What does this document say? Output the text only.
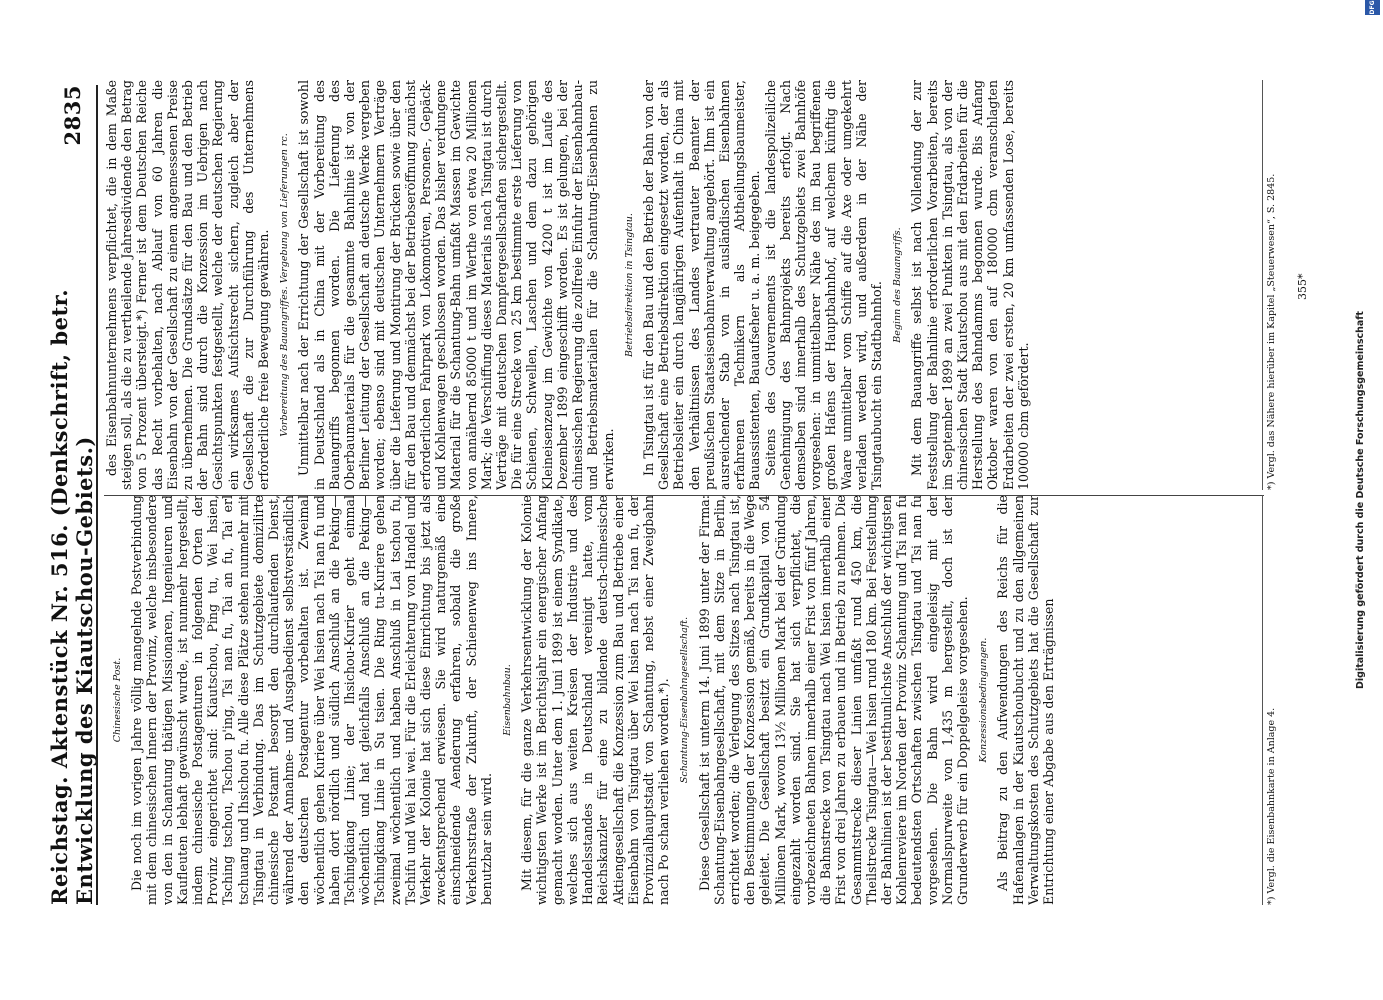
Reichstag. Aktenstück Nr. 516. (Denkschrift, betr. Entwicklung des Kiautschou-Gebiets.)
2835
Chinesische Post. Die noch im vorigen Jahre völlig mangelnde Postverbindung mit dem chinesischen Innern der Provinz, welche insbesondere von den in Schantung thätigen Missionaren, Ingenieuren und Kaufleuten lebhaft gewünscht wurde, ist nunmehr hergestellt, indem chinesische Postagenturen in folgenden Orten der Provinz eingerichtet sind: Kiautschou, Ping tu, Wei hsien, Tsching tschou, Tschou p'ing, Tsi nan fu, Tai an fu, Tai erl tschuang und Ihsichou fu. Alle diese Plätze stehen nunmehr mit Tsingtau in Verbindung. Das im Schutzgebiete domizilirte chinesische Postamt besorgt den durchlaufenden Dienst, während der Annahme- und Ausgabedienst selbstverständlich den deutschen Postagentur vorbehalten ist. Zweimal wöchentlich gehen Kuriere über Wei hsien nach Tsi nan fu und haben dort nördlich und südlich Anschluß an die Peking—Tschingkiang Linie; der Ihsichou-Kurier geht einmal wöchentlich und hat gleichfalls Anschluß an die Peking—Tschingkiang Linie in Su tsien. Die Ring tu-Kuriere gehen zweimal wöchentlich und haben Anschluß in Lai tschou fu, Tschifu und Wei hai wei. Für die Erleichterung von Handel und Verkehr der Kolonie hat sich diese Einrichtung bis jetzt als zweckentsprechend erwiesen. Sie wird naturgemäß eine einschneidende Aenderung erfahren, sobald die große Verkehrsstraße der Zukunft, der Schienenweg ins Innere, benutzbar sein wird.

Eisenbahnbau. Mit diesem, für die ganze Verkehrsentwicklung der Kolonie wichtigsten Werke ist im Berichtsjahr ein energischer Anfang gemacht worden. Unter dem 1. Juni 1899 ist einem Syndikate, welches sich aus weiten Kreisen der Industrie und des Handelsstandes in Deutschland vereinigt hatte, vom Reichskanzler für eine zu bildende deutsch-chinesische Aktiengesellschaft die Konzession zum Bau und Betriebe einer Eisenbahn von Tsingtau über Wei hsien nach Tsi nan fu, der Provinzialhauptstadt von Schantung, nebst einer Zweigbahn nach Po schan verliehen worden.*). Schantung-Eisenbahngesellschaft. Diese Gesellschaft ist unterm 14. Juni 1899 unter der Firma: Schantung-Eisenbahngesellschaft, mit dem Sitze in Berlin, errichtet worden; die Verlegung des Sitzes nach Tsingtau ist, den Bestimmungen der Konzession gemäß, bereits in die Wege geleitet. Die Gesellschaft besitzt ein Grundkapital von 54 Millionen Mark, wovon 13½ Millionen Mark bei der Gründung eingezahlt worden sind. Sie hat sich verpflichtet, die vorbezeichneten Bahnen innerhalb einer Frist von fünf Jahren, die Bahnstrecke von Tsingtau nach Wei hsien innerhalb einer Frist von drei Jahren zu erbauen und in Betrieb zu nehmen. Die Gesammtstrecke dieser Linien umfaßt rund 450 km, die Theilstrecke Tsingtau—Wei hsien rund 180 km. Bei Feststellung der Bahnlinien ist der bestthunlichste Anschluß der wichtigsten Kohlenreviere im Norden der Provinz Schantung und Tsi nan fu bedeutendsten Ortschaften zwischen Tsingtau und Tsi nan fu vorgesehen. Die Bahn wird eingeleisig mit der Normalspurweite von 1,435 m hergestellt, doch ist der Grunderwerb für ein Doppelgeleise vorgesehen. Konzessionsbedingungen. Als Beitrag zu den Aufwendungen des Reichs für die Hafenanlagen in der Kiautschoubucht und zu den allgemeinen Verwaltungskosten des Schutzgebiets hat die Gesellschaft zur Entrichtung einer Abgabe aus den Erträgnissen

des Eisenbahnunternehmens verpflichtet, die in dem Maße steigen soll, als die zu vertheilende Jahresdividende den Betrag von 5 Prozent übersteigt.*) Ferner ist dem Deutschen Reiche das Recht vorbehalten, nach Ablauf von 60 Jahren die Eisenbahn von der Gesellschaft zu einem angemessenen Preise zu übernehmen. Die Grundsätze für den Bau und den Betrieb der Bahn sind durch die Konzession im Uebrigen nach Gesichtspunkten festgestellt, welche der deutschen Regierung ein wirksames Aufsichtsrecht sichern, zugleich aber der Gesellschaft die zur Durchführung des Unternehmens erforderliche freie Bewegung gewähren. Vorbereitung des Bauangriffes. Vergebung von Lieferungen rc. Unmittelbar nach der Errichtung der Gesellschaft ist sowohl in Deutschland als in China mit der Vorbereitung des Bauangriffs begonnen worden. Die Lieferung des Oberbaumaterials für die gesammte Bahnlinie ist von der Berliner Leitung der Gesellschaft an deutsche Werke vergeben worden; ebenso sind mit deutschen Unternehmern Verträge über die Lieferung und Montirung der Brücken sowie über den für den Bau und demnächst bei der Betriebseröffnung zunächst erforderlichen Fahrpark von Lokomotiven, Personen-, Gepäck- und Kohlenwagen geschlossen worden. Das bisher verdungene Material für die Schantung-Bahn umfaßt Massen im Gewichte von annähernd 85000 t und im Werthe von etwa 20 Millionen Mark; die Verschiffung dieses Materials nach Tsingtau ist durch Verträge mit deutschen Dampfergesellschaften sichergestellt. Die für eine Strecke von 25 km bestimmte erste Lieferung von Schienen, Schwellen, Laschen und dem dazu gehörigen Kleineisenzeug im Gewichte von 4200 t ist im Laufe des Dezember 1899 eingeschifft worden. Es ist gelungen, bei der chinesischen Regierung die zollfreie Einfuhr der Eisenbahnbau- und Betriebsmaterialien für die Schantung-Eisenbahnen zu erwirken.

Betriebsdirektion in Tsingtau. In Tsingtau ist für den Bau und den Betrieb der Bahn von der Gesellschaft eine Betriebsdirektion eingesetzt worden, der als Betriebsleiter ein durch langjährigen Aufenthalt in China mit den Verhältnissen des Landes vertrauter Beamter der preußischen Staatseisenbahnverwaltung angehört. Ihm ist ein ausreichender Stab von in ausländischen Eisenbahnen erfahrenen Technikern als Abtheilungsbaumeister, Bauassistenten, Bauaufseher u. a. m. beigegeben. Seitens des Gouvernements ist die landespolizeiliche Genehmigung des Bahnprojekts bereits erfolgt. Nach demselben sind innerhalb des Schutzgebiets zwei Bahnhöfe vorgesehen: in unmittelbarer Nähe des im Bau begriffenen großen Hafens der Hauptbahnhof, auf welchem künftig die Waare unmittelbar vom Schiffe auf die Axe oder umgekehrt verladen werden wird, und außerdem in der Nähe der Tsingtaubucht ein Stadtbahnhof. Beginn des Bauangriffs. Mit dem Bauangriffe selbst ist nach Vollendung der zur Feststellung der Bahnlinie erforderlichen Vorarbeiten, bereits im September 1899 an zwei Punkten in Tsingtau, als von der chinesischen Stadt Kiautschou aus mit den Erdarbeiten für die Herstellung des Bahndamms begonnen wurde. Bis Anfang Oktober waren von den auf 180000 cbm veranschlagten Erdarbeiten der zwei ersten, 20 km umfassenden Lose, bereits 100000 cbm gefördert.

*) Vergl. die Eisenbahnkarte in Anlage 4.
*) Vergl. das Nähere hierüber im Kapitel „Steuerwesen“, S. 2845. 355*
Digitalisierung gefördert durch die Deutsche Forschungsgemeinschaft
DFG
